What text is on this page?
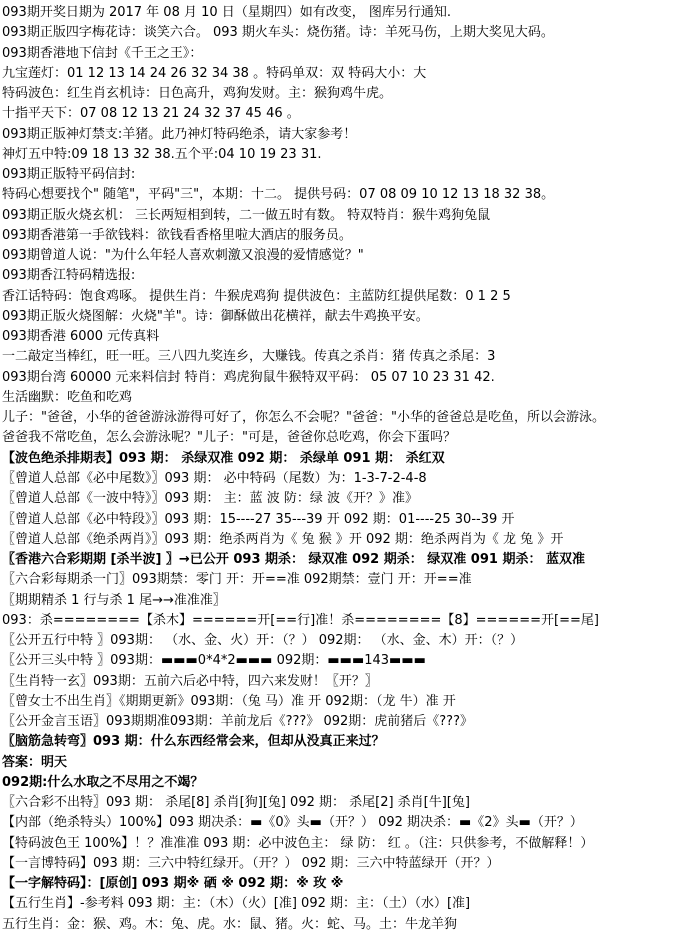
093期开奖日期为 2017 年 08 月 10 日（星期四）如有改变， 图库另行通知.
093期正版四字梅花诗：谈笑六合。 093 期火车头：烧伤猪。诗：羊死马伤，上期大奖见大码。
093期香港地下信封《千王之王》：
九宝莲灯：01 12 13 14 24 26 32 34 38 。特码单双：双 特码大小：大
特码波色：红生肖玄机诗：日色高升，鸡狗发财。主：猴狗鸡牛虎。
十指平天下：07 08 12 13 21 24 32 37 45 46 。
093期正版神灯禁支:羊猪。此乃神灯特码绝杀，请大家参考！
神灯五中特:09 18 13 32 38.五个平:04 10 19 23 31.
093期正版特平码信封:
特码心想要找个" 随笔"，平码"三"，本期：十二。 提供号码：07 08 09 10 12 13 18 32 38。
093期正版火烧玄机： 三长两短相到转，二一做五时有数。 特双特肖：猴牛鸡狗兔鼠
093期香港第一手欲钱料：欲钱看香格里啦大酒店的服务员。
093期曾道人说："为什么年轻人喜欢刺激又浪漫的爱情感觉？"
093期香江特码精选报:
香江话特码：饱食鸡啄。 提供生肖：牛猴虎鸡狗 提供波色：主蓝防红提供尾数：0 1 2 5
093期正版火烧图解：火烧"羊"。诗：御酥做出花横祥，献去牛鸡换平安。
093期香港 6000 元传真料
一二敲定当棒红，旺一旺。三八四九奖连乡，大赚钱。传真之杀肖：猪 传真之杀尾：3
093期台湾 60000 元来料信封 特肖：鸡虎狗鼠牛猴特双平码： 05 07 10 23 31 42.
生活幽默：吃鱼和吃鸡
儿子："爸爸，小华的爸爸游泳游得可好了，你怎么不会呢？"爸爸："小华的爸爸总是吃鱼，所以会游泳。
爸爸我不常吃鱼，怎么会游泳呢？"儿子："可是，爸爸你总吃鸡，你会下蛋吗？
【波色绝杀排期表】093 期： 杀绿双准 092 期： 杀绿单 091 期： 杀红双
〖曾道人总部《必中尾数》〗093 期： 必中特码（尾数）为：1-3-7-2-4-8
〖曾道人总部《一波中特》〗093 期： 主：蓝 波 防：绿 波《开？》准》
〖曾道人总部《必中特段》〗093 期：15----27 35---39 开 092 期：01----25 30--39 开
〖曾道人总部《绝杀两肖》〗093 期：绝杀两肖为《 兔 猴 》开 092 期：绝杀两肖为《 龙 兔 》开
〖香港六合彩期期 [杀半波] 〗→已公开 093 期杀： 绿双准 092 期杀： 绿双准 091 期杀： 蓝双准
〖六合彩每期杀一门〗093期禁：零门 开：开==准 092期禁：壹门 开：开==准
〖期期精杀 1 行与杀 1 尾→→准准准〗
093：杀========【杀木】======开[==行]准！杀========【8】======开[==尾]
〖公开五行中特 〗093期： （水、金、火）开：（？） 092期： （水、金、木）开：（？）
〖公开三头中特 〗093期：▬▬▬0*4*2▬▬▬ 092期：▬▬▬143▬▬▬
〖生肖特一玄〗093期：五前六后必中特，四六来发财！〖开？〗
〖曾女士不出生肖〗《期期更新》093期：（兔 马）准 开 092期：（龙 牛）准 开
〖公开金言玉语〗093期期准093期：羊前龙后《???》 092期：虎前猪后《???》
〖脑筋急转弯〗093 期：什么东西经常会来，但却从没真正来过？
答案：明天
092期:什么水取之不尽用之不竭？
〖六合彩不出特〗093 期： 杀尾[8] 杀肖[狗][兔] 092 期： 杀尾[2] 杀肖[牛][兔]
【内部（绝杀特头）100%】093 期决杀：▬《0》头▬（开？） 092 期决杀：▬《2》头▬（开？）
【特码波色王 100%】！？准准准 093 期：必中波色主： 绿 防： 红 。（注：只供参考，不做解释！）
【一言博特码】093 期：三六中特红绿开。（开？） 092 期：三六中特蓝绿开（开？）
【一字解特码】：[原创] 093 期※ 硒 ※ 092 期：※ 玫 ※
【五行生肖】-参考料 093 期：主：（木）（火）[准] 092 期：主：（土）（水）[准]
五行生肖：金：猴、鸡。木：兔、虎。水：鼠、猪。火：蛇、马。土：牛龙羊狗
